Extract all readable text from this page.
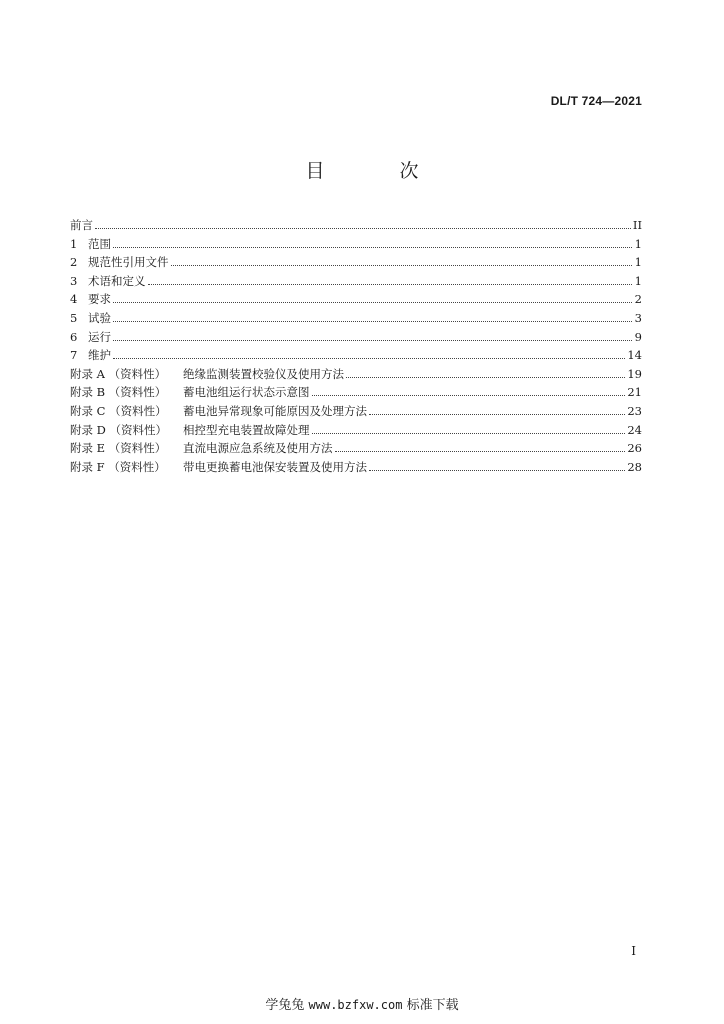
DL/T 724—2021
目　次
前言	II
1 范围	1
2 规范性引用文件	1
3 术语和定义	1
4 要求	2
5 试验	3
6 运行	9
7 维护	14
附录 A （资料性）	绝缘监测装置校验仪及使用方法	19
附录 B （资料性）	蓄电池组运行状态示意图	21
附录 C （资料性）	蓄电池异常现象可能原因及处理方法	23
附录 D （资料性）	相控型充电装置故障处理	24
附录 E （资料性）	直流电源应急系统及使用方法	26
附录 F （资料性）	带电更换蓄电池保安装置及使用方法	28
I
学兔兔 www.bzfxw.com 标准下载
